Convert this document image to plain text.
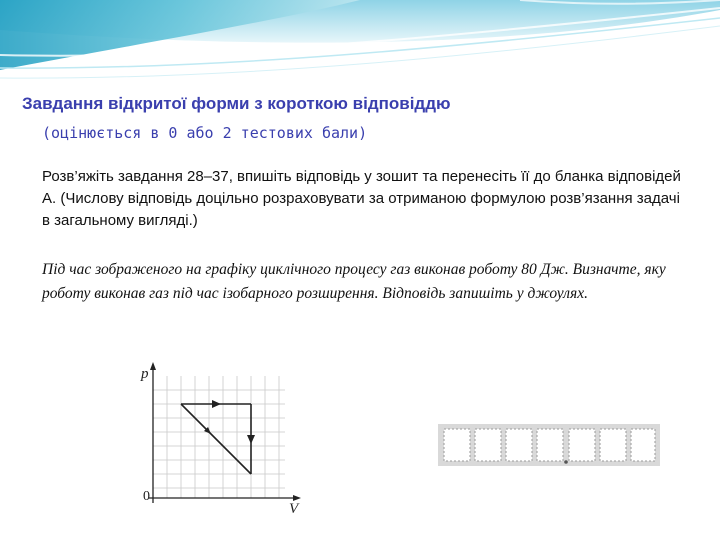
Завдання відкритої форми з короткою відповіддю
(оцінюється в 0 або 2 тестових бали)
Розв’яжіть завдання 28–37, впишіть відповідь у зошит та перенесіть її до бланка відповідей А. (Числову відповідь доцільно розраховувати за отриманою формулою розв’язання задачі в загальному вигляді.)
Під час зображеного на графіку циклічного процесу газ виконав роботу 80 Дж. Визначте, яку роботу виконав газ під час ізобарного розширення. Відповідь запишіть у джоулях.
p
V
0
